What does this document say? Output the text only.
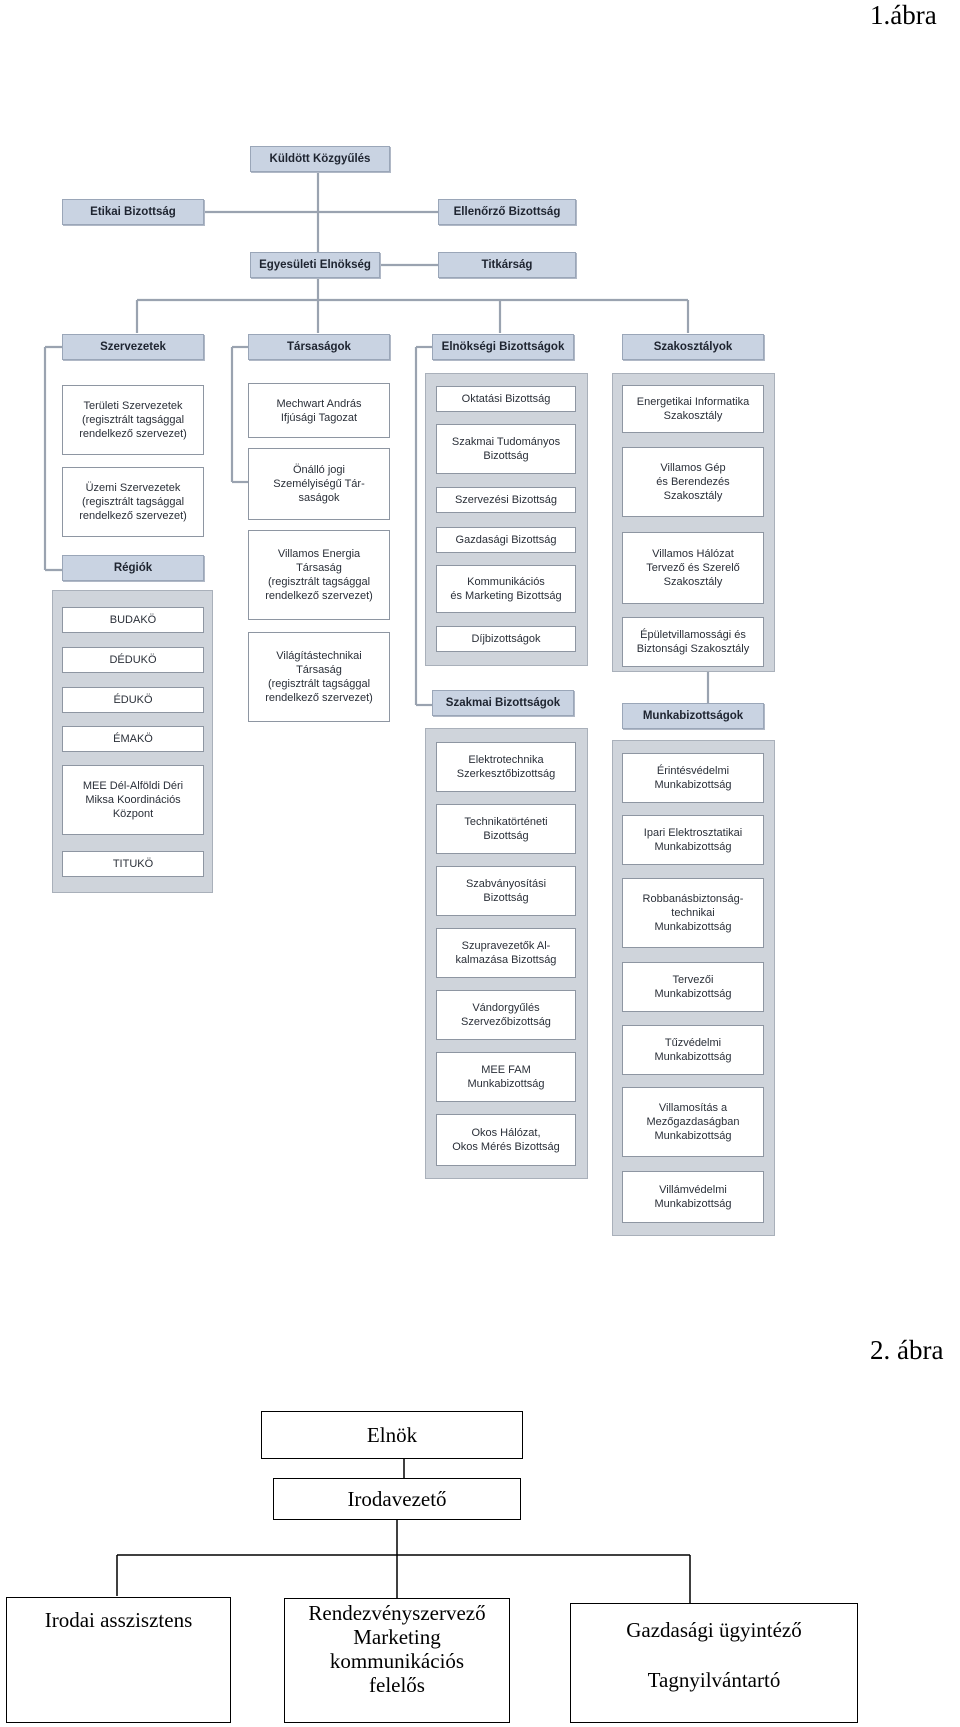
1.ábra
Küldött Közgyűlés
Etikai Bizottság	Ellenőrző Bizottság
Egyesületi Elnökség	Titkárság
Szervezetek	Társaságok	Elnökségi Bizottságok	Szakosztályok
Területi Szervezetek
(regisztrált tagsággal
rendelkező szervezet)
Üzemi Szervezetek
(regisztrált tagsággal
rendelkező szervezet)
Régiók
BUDAKÖ
DÉDUKÖ
ÉDUKÖ
ÉMAKÖ
MEE Dél-Alföldi Déri
Miksa Koordinációs
Központ
TITUKÖ
Mechwart András
Ifjúsági Tagozat
Önálló jogi
Személyiségű Tár-
saságok
Villamos Energia
Társaság
(regisztrált tagsággal
rendelkező szervezet)
Világítástechnikai
Társaság
(regisztrált tagsággal
rendelkező szervezet)
Oktatási Bizottság
Szakmai Tudományos
Bizottság
Szervezési Bizottság
Gazdasági Bizottság
Kommunikációs
és Marketing Bizottság
Díjbizottságok
Szakmai Bizottságok
Elektrotechnika
Szerkesztőbizottság
Technikatörténeti
Bizottság
Szabványosítási
Bizottság
Szupravezetők Al-
kalmazása Bizottság
Vándorgyűlés
Szervezőbizottság
MEE FAM
Munkabizottság
Okos Hálózat,
Okos Mérés Bizottság
Energetikai Informatika
Szakosztály
Villamos Gép
és Berendezés
Szakosztály
Villamos Hálózat
Tervező és Szerelő
Szakosztály
Épületvillamossági és
Biztonsági Szakosztály
Munkabizottságok
Érintésvédelmi
Munkabizottság
Ipari Elektrosztatikai
Munkabizottság
Robbanásbiztonság-
technikai
Munkabizottság
Tervezői
Munkabizottság
Tűzvédelmi
Munkabizottság
Villamosítás a
Mezőgazdaságban
Munkabizottság
Villámvédelmi
Munkabizottság
2. ábra
Elnök
Irodavezető
Irodai asszisztens	Rendezvényszervező
Marketing
kommunikációs
felelős
Gazdasági ügyintéző
Tagnyilvántartó
